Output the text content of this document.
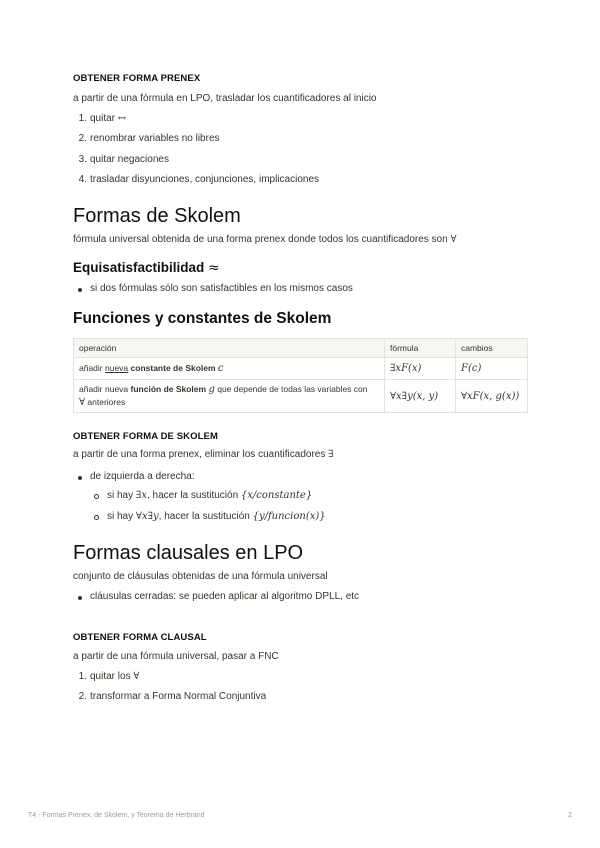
OBTENER FORMA PRENEX
a partir de una fórmula en LPO, trasladar los cuantificadores al inicio
1. quitar ↔
2. renombrar variables no libres
3. quitar negaciones
4. trasladar disyunciones, conjunciones, implicaciones
Formas de Skolem
fórmula universal obtenida de una forma prenex donde todos los cuantificadores son ∀
Equisatisfactibilidad ≈
si dos fórmulas sólo son satisfactibles en los mismos casos
Funciones y constantes de Skolem
operación	fórmula	cambios
añadir nueva constante de Skolem c	∃xF(x)	F(c)
añadir nueva función de Skolem g que depende de todas las variables con
∀ anteriores	∀x∃y(x, y)	∀xF(x, g(x))
OBTENER FORMA DE SKOLEM
a partir de una forma prenex, eliminar los cuantificadores ∃
de izquierda a derecha:
si hay ∃x, hacer la sustitución {x/constante}
si hay ∀x∃y, hacer la sustitución {y/funcion(x)}
Formas clausales en LPO
conjunto de cláusulas obtenidas de una fórmula universal
cláusulas cerradas: se pueden aplicar al algoritmo DPLL, etc
OBTENER FORMA CLAUSAL
a partir de una fórmula universal, pasar a FNC
1. quitar los ∀
2. transformar a Forma Normal Conjuntiva
T4 - Formas Prenex, de Skolem, y Teorema de Herbrand	2
